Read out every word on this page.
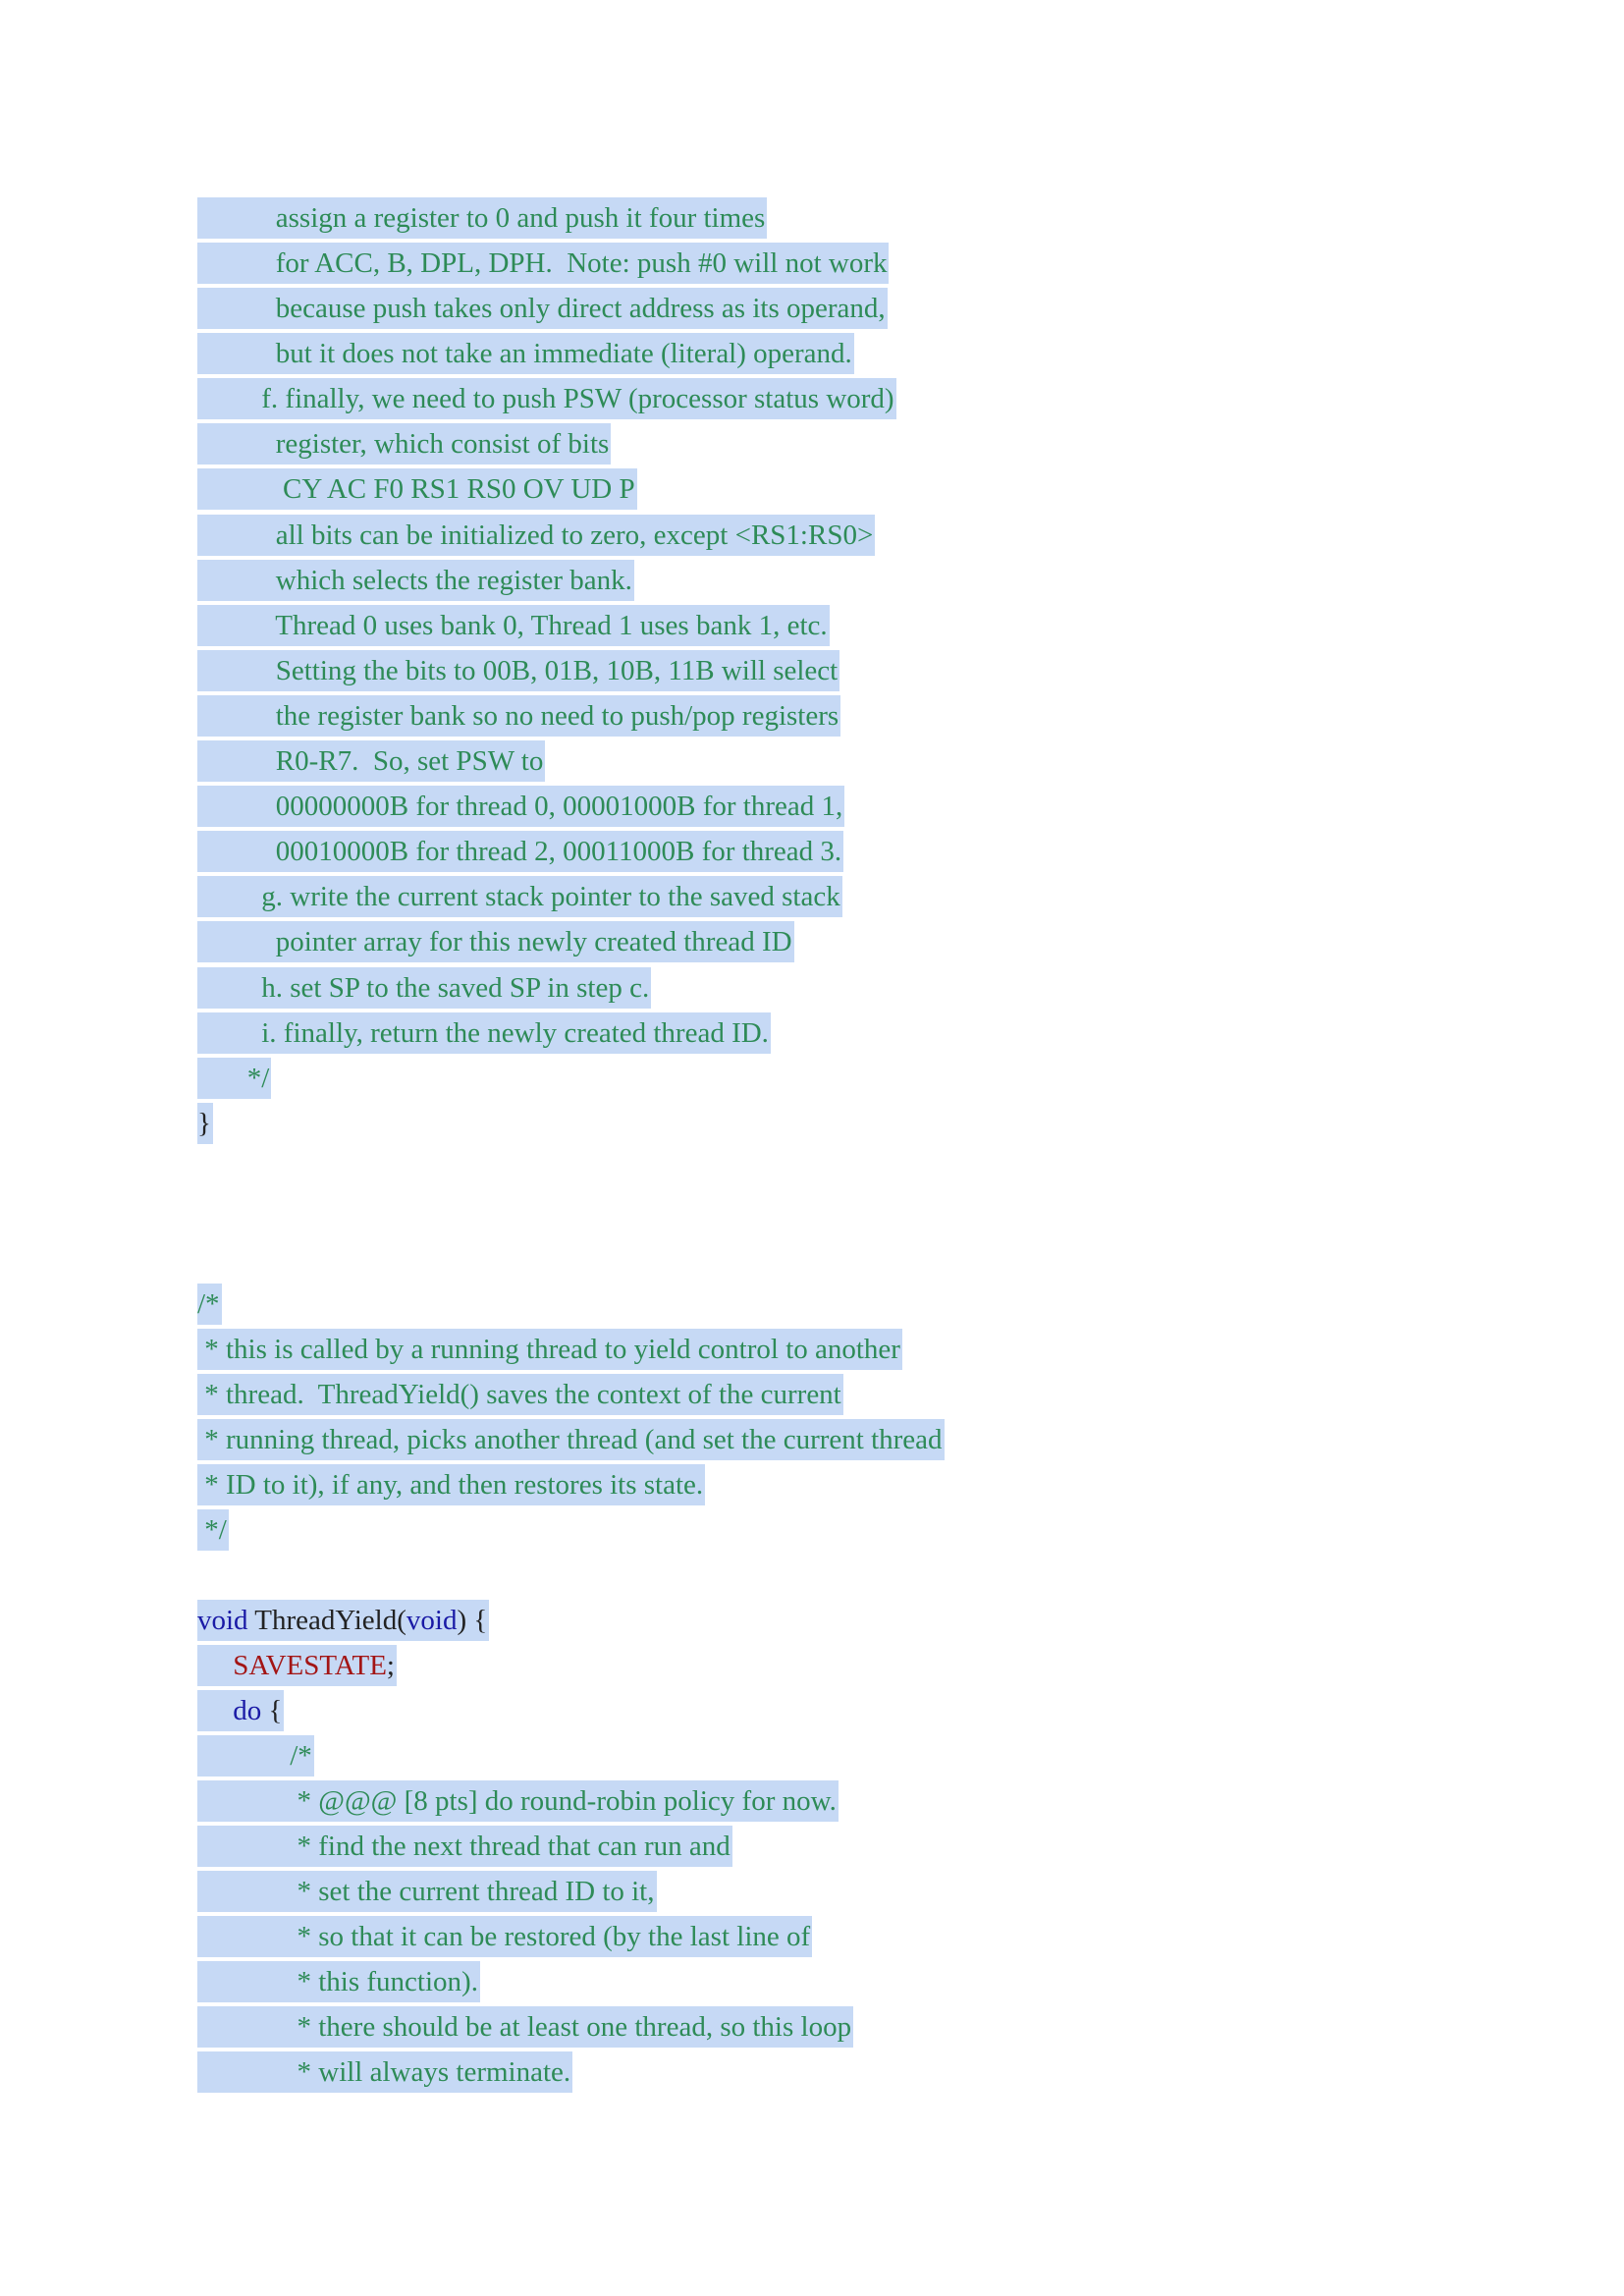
assign a register to 0 and push it four times
for ACC, B, DPL, DPH.  Note: push #0 will not work
because push takes only direct address as its operand,
but it does not take an immediate (literal) operand.
f. finally, we need to push PSW (processor status word)
register, which consist of bits
CY AC F0 RS1 RS0 OV UD P
all bits can be initialized to zero, except <RS1:RS0>
which selects the register bank.
Thread 0 uses bank 0, Thread 1 uses bank 1, etc.
Setting the bits to 00B, 01B, 10B, 11B will select
the register bank so no need to push/pop registers
R0-R7.  So, set PSW to
00000000B for thread 0, 00001000B for thread 1,
00010000B for thread 2, 00011000B for thread 3.
g. write the current stack pointer to the saved stack
pointer array for this newly created thread ID
h. set SP to the saved SP in step c.
i. finally, return the newly created thread ID.
*/
}
/*
* this is called by a running thread to yield control to another
* thread.  ThreadYield() saves the context of the current
* running thread, picks another thread (and set the current thread
* ID to it), if any, and then restores its state.
*/
void ThreadYield(void) {
SAVESTATE;
do {
/*
* @@@ [8 pts] do round-robin policy for now.
* find the next thread that can run and
* set the current thread ID to it,
* so that it can be restored (by the last line of
* this function).
* there should be at least one thread, so this loop
* will always terminate.
